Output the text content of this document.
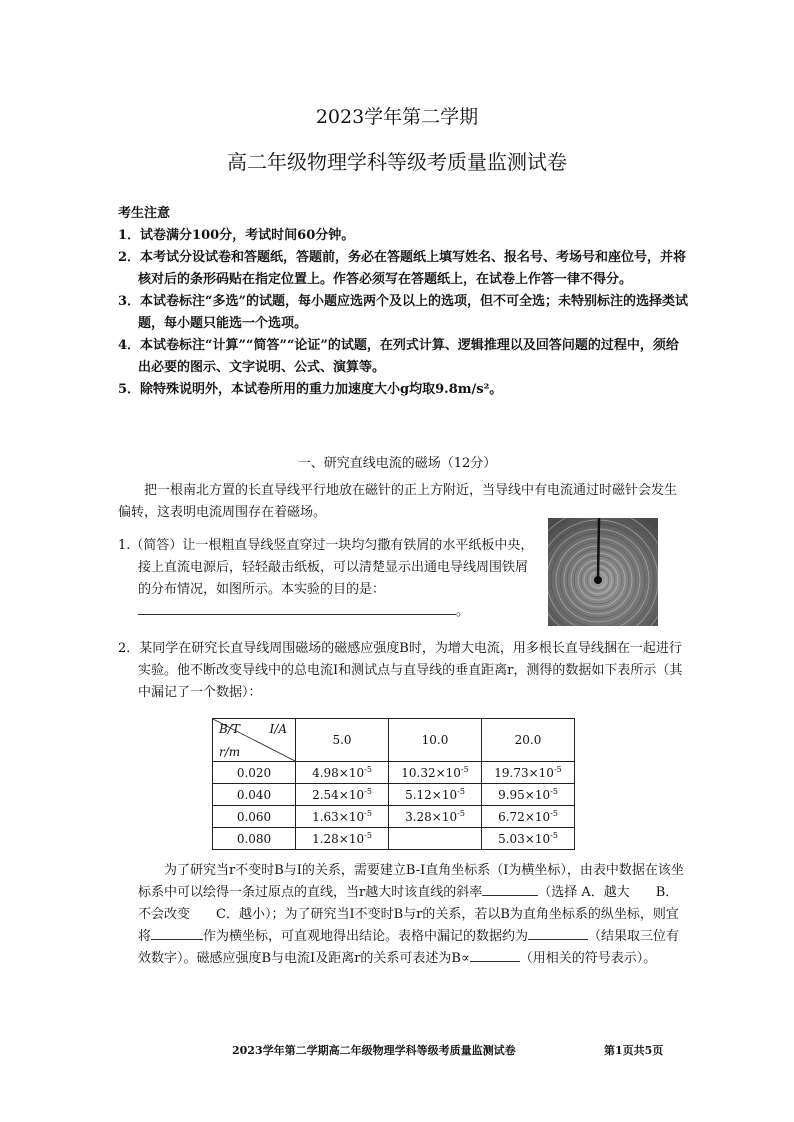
2023学年第二学期
高二年级物理学科等级考质量监测试卷
考生注意
1．试卷满分100分，考试时间60分钟。
2．本考试分设试卷和答题纸，答题前，务必在答题纸上填写姓名、报名号、考场号和座位号，并将核对后的条形码贴在指定位置上。作答必须写在答题纸上，在试卷上作答一律不得分。
3．本试卷标注“多选”的试题，每小题应选两个及以上的选项，但不可全选；未特别标注的选择类试题，每小题只能选一个选项。
4．本试卷标注“计算”“简答”“论证”的试题，在列式计算、逻辑推理以及回答问题的过程中，须给出必要的图示、文字说明、公式、演算等。
5．除特殊说明外，本试卷所用的重力加速度大小g均取9.8m/s²。
一、研究直线电流的磁场（12分）
把一根南北方置的长直导线平行地放在磁针的正上方附近，当导线中有电流通过时磁针会发生偏转，这表明电流周围存在着磁场。
1.（简答）让一根粗直导线竖直穿过一块均匀撒有铁屑的水平纸板中央，接上直流电源后，轻轻敲击纸板，可以清楚显示出通电导线周围铁屑的分布情况，如图所示。本实验的目的是：
。
2．某同学在研究长直导线周围磁场的磁感应强度B时，为增大电流，用多根长直导线捆在一起进行实验。他不断改变导线中的总电流I和测试点与直导线的垂直距离r，测得的数据如下表所示（其中漏记了一个数据）：
B/T I/A
r/m	5.0	10.0	20.0
0.020	$4.98\times 10^{-5}$	$10.32\times 10^{-5}$	$19.73\times 10^{-5}$
0.040	$2.54\times 10^{-5}$	$5.12\times 10^{-5}$	$9.95\times 10^{-5}$
0.060	$1.63\times 10^{-5}$	$3.28\times 10^{-5}$	$6.72\times 10^{-5}$
0.080	$1.28\times 10^{-5}$		$5.03\times 10^{-5}$
为了研究当r不变时B与I的关系，需要建立B-I直角坐标系（I为横坐标），由表中数据在该坐标系中可以绘得一条过原点的直线，当r越大时该直线的斜率	（选择 A．越大　　B．不会改变　　C．越小）；为了研究当I不变时B与r的关系，若以B为直角坐标系的纵坐标，则宜将	作为横坐标，可直观地得出结论。表格中漏记的数据约为	（结果取三位有效数字）。磁感应强度B与电流I及距离r的关系可表述为B∝	（用相关的符号表示）。
2023学年第二学期高二年级物理学科等级考质量监测试卷	第1页共5页
